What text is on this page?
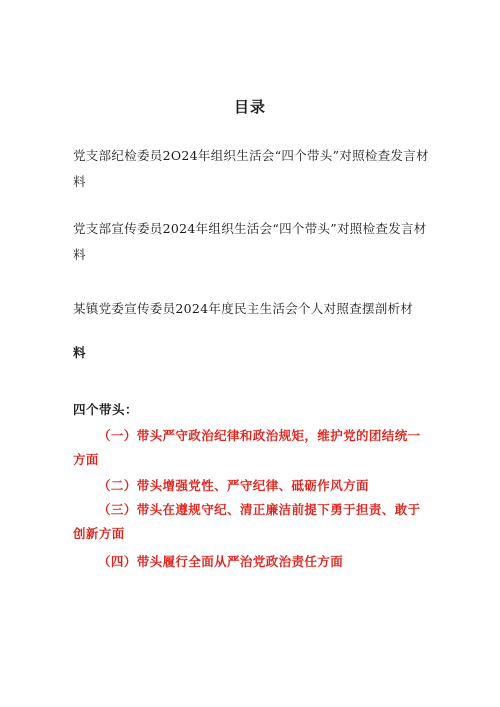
目录
党支部纪检委员2O24年组织生活会“四个带头”对照检查发言材料
党支部宣传委员2024年组织生活会“四个带头”对照检查发言材料
某镇党委宣传委员2024年度民主生活会个人对照查摆剖析材
料
四个带头：
（一）带头严守政治纪律和政治规矩，维护党的团结统一方面
（二）带头增强党性、严守纪律、砥砺作风方面
（三）带头在遵规守纪、清正廉洁前提下勇于担责、敢于创新方面
（四）带头履行全面从严治党政治责任方面
